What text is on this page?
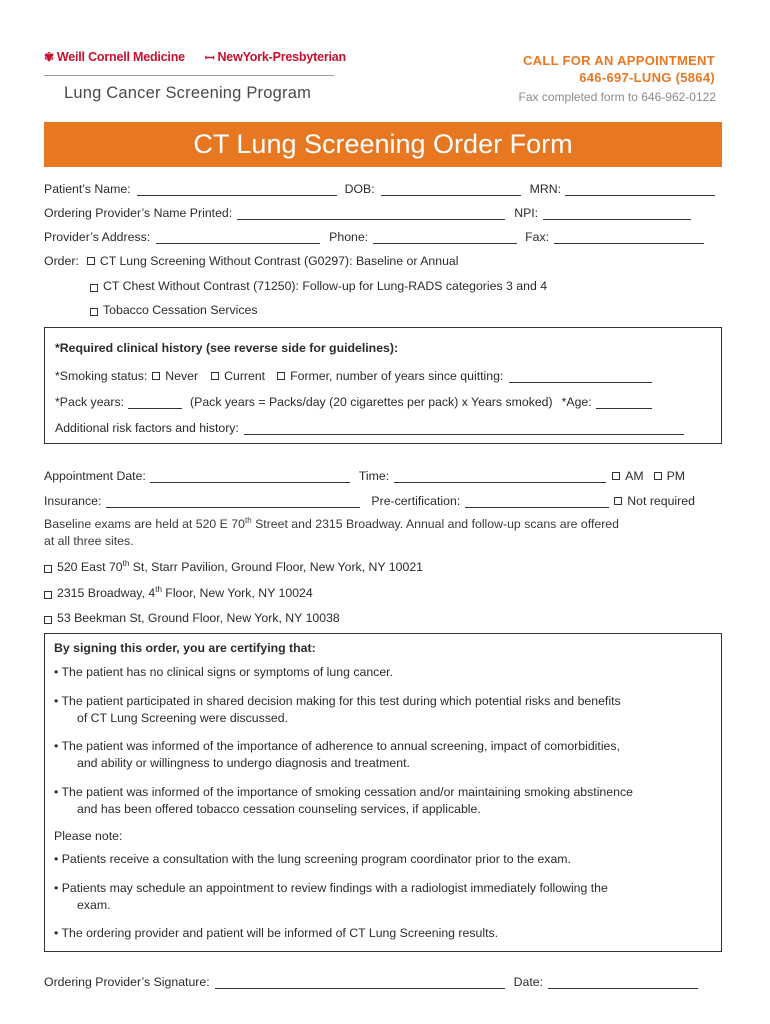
✾ Weill Cornell Medicine ꟷ NewYork-Presbyterian
Lung Cancer Screening Program
CALL FOR AN APPOINTMENT
646-697-LUNG (5864)
Fax completed form to 646-962-0122
CT Lung Screening Order Form
Patient’s Name:	DOB:	MRN:
Ordering Provider’s Name Printed:	NPI:
Provider’s Address:	Phone:	Fax:
Order:	CT Lung Screening Without Contrast (G0297): Baseline or Annual
CT Chest Without Contrast (71250): Follow-up for Lung-RADS categories 3 and 4
Tobacco Cessation Services
*Required clinical history (see reverse side for guidelines):
*Smoking status:	Never	Current	Former, number of years since quitting:
*Pack years:	(Pack years = Packs/day (20 cigarettes per pack) x Years smoked) *Age:
Additional risk factors and history:
Appointment Date:	Time:	AM	PM
Insurance:	Pre-certification:	Not required
Baseline exams are held at 520 E 70th Street and 2315 Broadway. Annual and follow-up scans are offered
at all three sites.
520 East 70th St, Starr Pavilion, Ground Floor, New York, NY 10021
2315 Broadway, 4th Floor, New York, NY 10024
53 Beekman St, Ground Floor, New York, NY 10038
By signing this order, you are certifying that:
• The patient has no clinical signs or symptoms of lung cancer.
• The patient participated in shared decision making for this test during which potential risks and benefits
of CT Lung Screening were discussed.
• The patient was informed of the importance of adherence to annual screening, impact of comorbidities,
and ability or willingness to undergo diagnosis and treatment.
• The patient was informed of the importance of smoking cessation and/or maintaining smoking abstinence
and has been offered tobacco cessation counseling services, if applicable.
Please note:
• Patients receive a consultation with the lung screening program coordinator prior to the exam.
• Patients may schedule an appointment to review findings with a radiologist immediately following the
exam.
• The ordering provider and patient will be informed of CT Lung Screening results.
Ordering Provider’s Signature:	Date:
